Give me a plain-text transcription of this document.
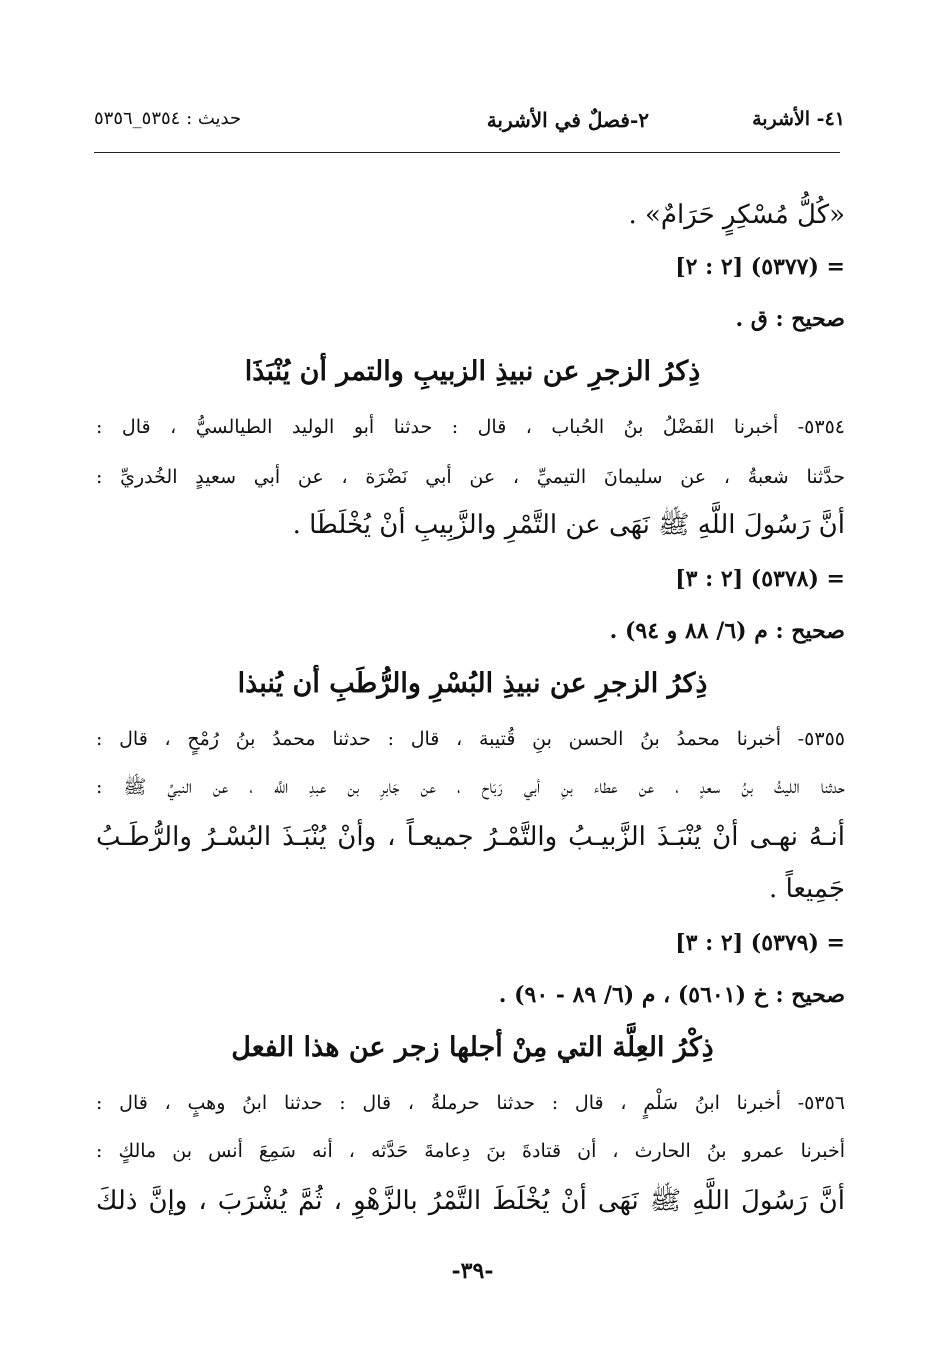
٤١- الأشربة
٢-فصلٌ في الأشربة
حديث : ٥٣٥٤_٥٣٥٦
«كُلُّ مُسْكِرٍ حَرَامٌ» .
= (٥٣٧٧) [٢ : ٢]
صحيح : ق .
ذِكرُ الزجرِ عن نبيذِ الزبيبِ والتمر أن يُنْبَذَا
٥٣٥٤- أخبرنا الفَضْلُ بنُ الحُباب ، قال : حدثنا أبو الوليد الطيالسيُّ ، قال :
حدَّثنا شعبةُ ، عن سليمانَ التيميِّ ، عن أبي نَضْرَة ، عن أبي سعيدٍ الخُدريِّ :
أنَّ رَسُولَ اللَّهِ ﷺ نَهَى عن التَّمْرِ والزَّبِيبِ أنْ يُخْلَطَا .
= (٥٣٧٨) [٢ : ٣]
صحيح : م (٦/ ٨٨ و ٩٤) .
ذِكرُ الزجرِ عن نبيذِ البُسْرِ والرُّطَبِ أن يُنبذا
٥٣٥٥- أخبرنا محمدُ بنُ الحسن بنِ قُتيبة ، قال : حدثنا محمدُ بنُ رُمْحٍ ، قال :
حدثنا الليثُ بنُ سعدٍ ، عن عطاء بنِ أبي رَبَاح ، عن جَابرِ بن عبدِ اللَّه ، عن النبيِّ ﷺ :
أنـهُ نهـى أنْ يُنْبَـذَ الزَّبيـبُ والتَّمْـرُ جميعـاً ، وأنْ يُنْبَـذَ البُسْـرُ والرُّطَـبُ
جَمِيعاً .
= (٥٣٧٩) [٢ : ٣]
صحيح : خ (٥٦٠١) ، م (٦/ ٨٩ - ٩٠) .
ذِكْرُ العِلَّة التي مِنْ أجلها زجر عن هذا الفعل
٥٣٥٦- أخبرنا ابنُ سَلْمٍ ، قال : حدثنا حرملةُ ، قال : حدثنا ابنُ وهبٍ ، قال :
أخبرنا عمرو بنُ الحارث ، أن قتادةَ بنَ دِعامةَ حَدَّثه ، أنه سَمِعَ أنس بن مالكٍ :
أنَّ رَسُولَ اللَّهِ ﷺ نَهَى أنْ يُخْلَطَ التَّمْرُ بالزَّهْوِ ، ثُمَّ يُشْرَبَ ، وإنَّ ذلكَ
-٣٩-
